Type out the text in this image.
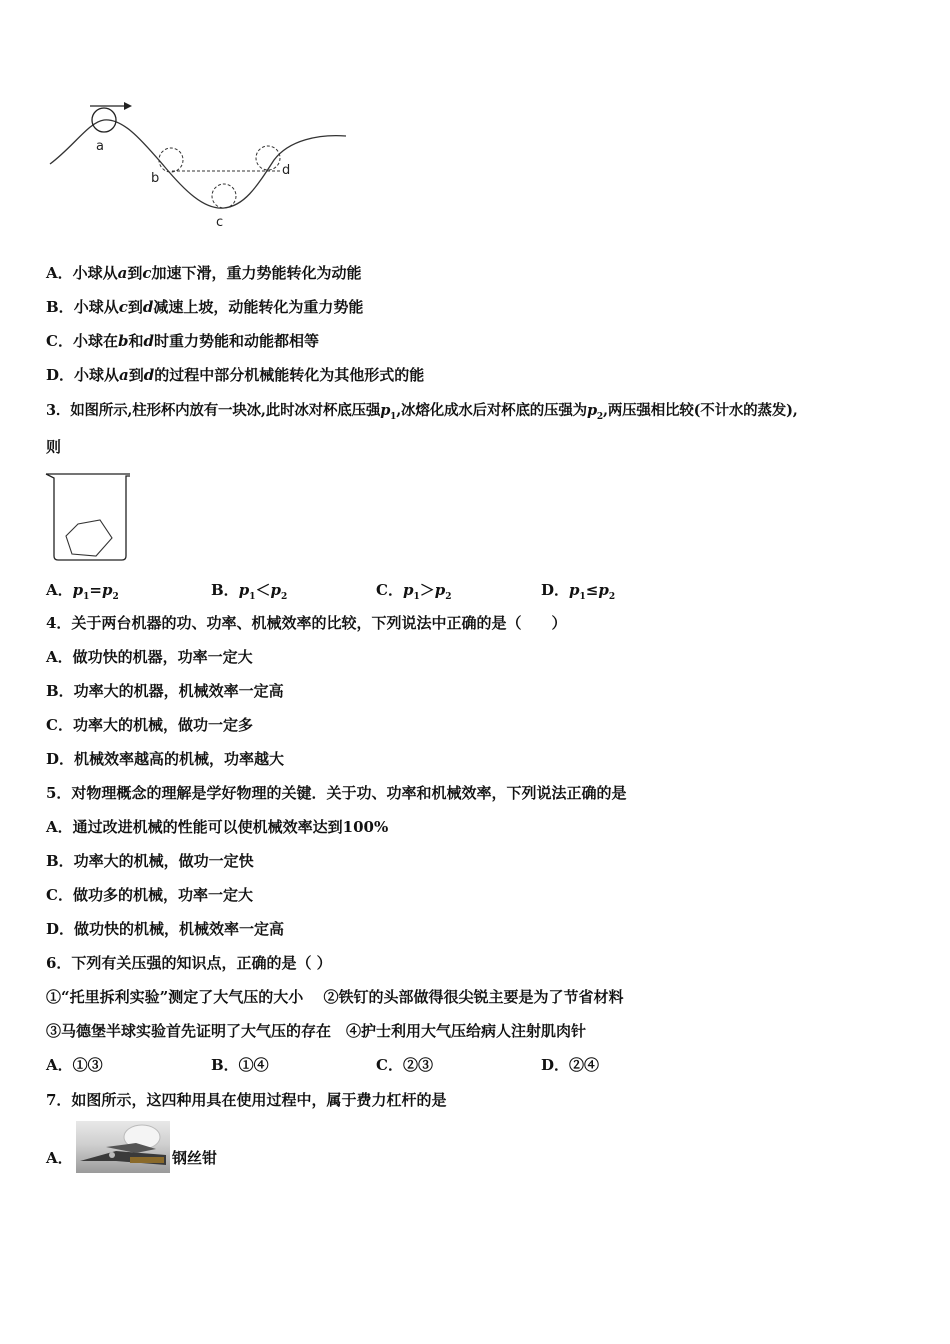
a
b
c
d
A．小球从a到c加速下滑，重力势能转化为动能
B．小球从c到d减速上坡，动能转化为重力势能
C．小球在b和d时重力势能和动能都相等
D．小球从a到d的过程中部分机械能转化为其他形式的能
3．如图所示,柱形杯内放有一块冰,此时冰对杯底压强$p_1$,冰熔化成水后对杯底的压强为$p_2$,两压强相比较(不计水的蒸发),
则
A．$p_1=p_2$	B．$p_1<p_2$	C．$p_1>p_2$	D．$p_1\le p_2$
4．关于两台机器的功、功率、机械效率的比较，下列说法中正确的是（　　）
A．做功快的机器，功率一定大
B．功率大的机器，机械效率一定高
C．功率大的机械，做功一定多
D．机械效率越高的机械，功率越大
5．对物理概念的理解是学好物理的关键．关于功、功率和机械效率，下列说法正确的是
A．通过改进机械的性能可以使机械效率达到100%
B．功率大的机械，做功一定快
C．做功多的机械，功率一定大
D．做功快的机械，机械效率一定高
6．下列有关压强的知识点，正确的是（ ）
①“托里拆利实验”测定了大气压的大小　 ②铁钉的头部做得很尖锐主要是为了节省材料
③马德堡半球实验首先证明了大气压的存在　④护士利用大气压给病人注射肌肉针
A．①③	B．①④	C．②③	D．②④
7．如图所示，这四种用具在使用过程中，属于费力杠杆的是
A．	钢丝钳
